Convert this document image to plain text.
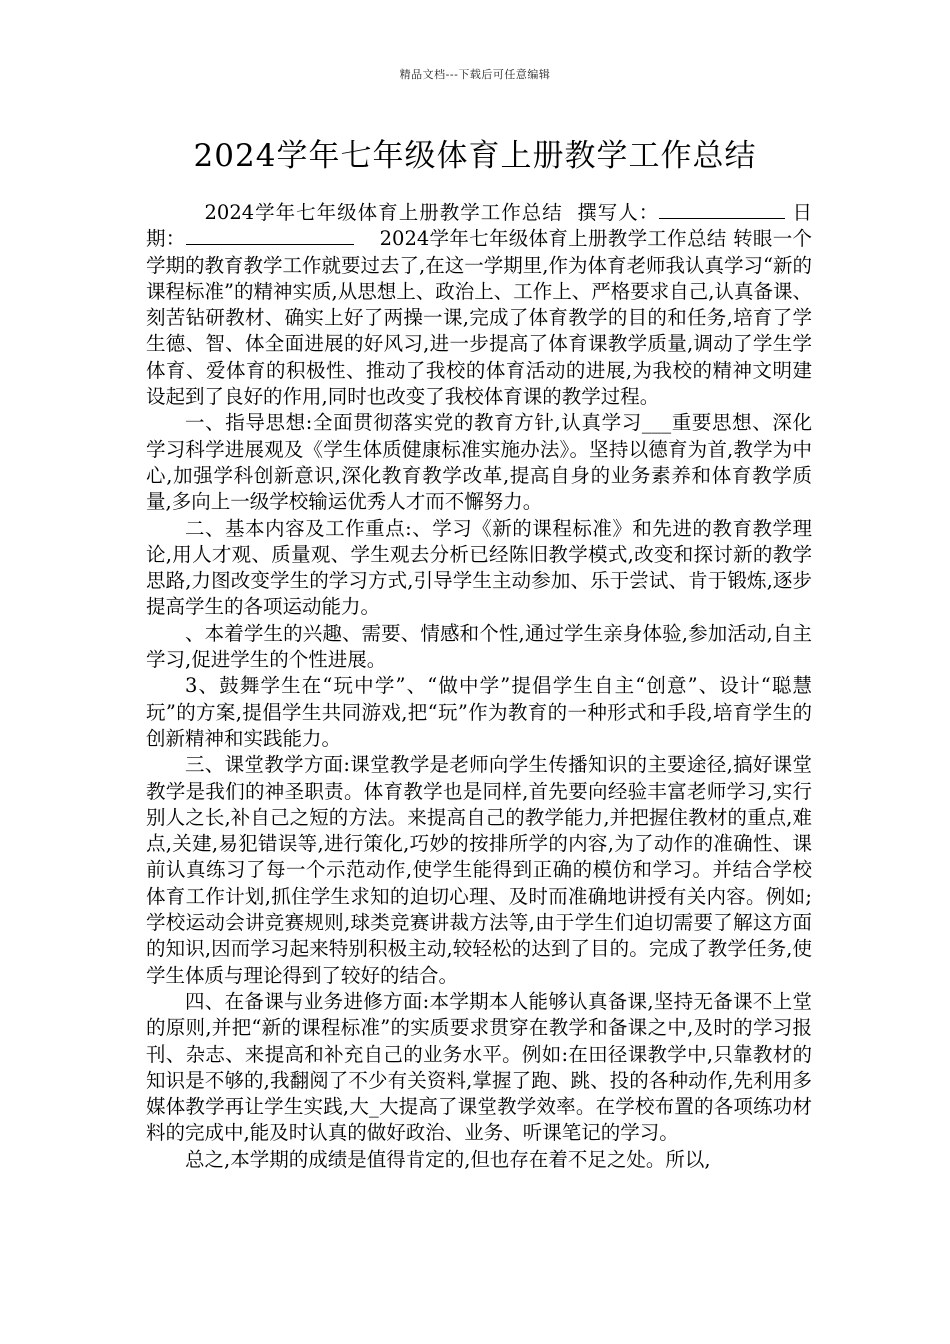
精品文档---下载后可任意编辑
2024学年七年级体育上册教学工作总结

2024学年七年级体育上册教学工作总结 撰写人：	日　期：	2024学年七年级体育上册教学工作总结 转眼一个学期的教育教学工作就要过去了,在这一学期里,作为体育老师我认真学习“新的课程标准”的精神实质,从思想上、政治上、工作上、严格要求自己,认真备课、刻苦钻研教材、确实上好了两操一课,完成了体育教学的目的和任务,培育了学生德、智、体全面进展的好风习,进一步提高了体育课教学质量,调动了学生学体育、爱体育的积极性、推动了我校的体育活动的进展,为我校的精神文明建设起到了良好的作用,同时也改变了我校体育课的教学过程。

一、指导思想:全面贯彻落实党的教育方针,认真学习___重要思想、深化学习科学进展观及《学生体质健康标准实施办法》。坚持以德育为首,教学为中心,加强学科创新意识,深化教育教学改革,提高自身的业务素养和体育教学质量,多向上一级学校输运优秀人才而不懈努力。

二、基本内容及工作重点:、学习《新的课程标准》和先进的教育教学理论,用人才观、质量观、学生观去分析已经陈旧教学模式,改变和探讨新的教学思路,力图改变学生的学习方式,引导学生主动参加、乐于尝试、肯于锻炼,逐步提高学生的各项运动能力。

、本着学生的兴趣、需要、情感和个性,通过学生亲身体验,参加活动,自主学习,促进学生的个性进展。

3、鼓舞学生在“玩中学”、“做中学”提倡学生自主“创意”、设计“聪慧玩”的方案,提倡学生共同游戏,把“玩”作为教育的一种形式和手段,培育学生的创新精神和实践能力。

三、课堂教学方面:课堂教学是老师向学生传播知识的主要途径,搞好课堂教学是我们的神圣职责。体育教学也是同样,首先要向经验丰富老师学习,实行别人之长,补自己之短的方法。来提高自己的教学能力,并把握住教材的重点,难点,关建,易犯错误等,进行策化,巧妙的按排所学的内容,为了动作的准确性、课前认真练习了每一个示范动作,使学生能得到正确的模仿和学习。并结合学校体育工作计划,抓住学生求知的迫切心理、及时而准确地讲授有关内容。例如;学校运动会讲竞赛规则,球类竞赛讲裁方法等,由于学生们迫切需要了解这方面的知识,因而学习起来特别积极主动,较轻松的达到了目的。完成了教学任务,使学生体质与理论得到了较好的结合。

四、在备课与业务进修方面:本学期本人能够认真备课,坚持无备课不上堂的原则,并把“新的课程标准”的实质要求贯穿在教学和备课之中,及时的学习报刊、杂志、来提高和补充自己的业务水平。例如:在田径课教学中,只靠教材的知识是不够的,我翻阅了不少有关资料,掌握了跑、跳、投的各种动作,先利用多媒体教学再让学生实践,大_大提高了课堂教学效率。在学校布置的各项练功材料的完成中,能及时认真的做好政治、业务、听课笔记的学习。

总之,本学期的成绩是值得肯定的,但也存在着不足之处。所以,
